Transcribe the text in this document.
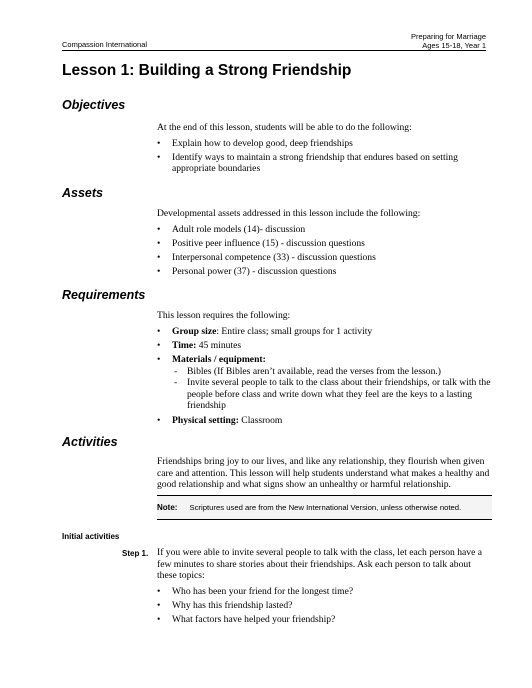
Compassion International
Preparing for Marriage
Ages 15-18, Year 1
Lesson 1: Building a Strong Friendship
Objectives

At the end of this lesson, students will be able to do the following:

• Explain how to develop good, deep friendships
• Identify ways to maintain a strong friendship that endures based on setting appropriate boundaries
Assets

Developmental assets addressed in this lesson include the following:

• Adult role models (14)- discussion
• Positive peer influence (15) - discussion questions
• Interpersonal competence (33) - discussion questions
• Personal power (37) - discussion questions
Requirements

This lesson requires the following:

• Group size: Entire class; small groups for 1 activity
• Time: 45 minutes
• Materials / equipment:
- Bibles (If Bibles aren’t available, read the verses from the lesson.)
- Invite several people to talk to the class about their friendships, or talk with the people before class and write down what they feel are the keys to a lasting friendship
• Physical setting: Classroom
Activities

Friendships bring joy to our lives, and like any relationship, they flourish when given care and attention. This lesson will help students understand what makes a healthy and good relationship and what signs show an unhealthy or harmful relationship.

Note: Scriptures used are from the New International Version, unless otherwise noted.
Initial activities
Step 1. If you were able to invite several people to talk with the class, let each person have a few minutes to share stories about their friendships. Ask each person to talk about these topics:

• Who has been your friend for the longest time?
• Why has this friendship lasted?
• What factors have helped your friendship?
